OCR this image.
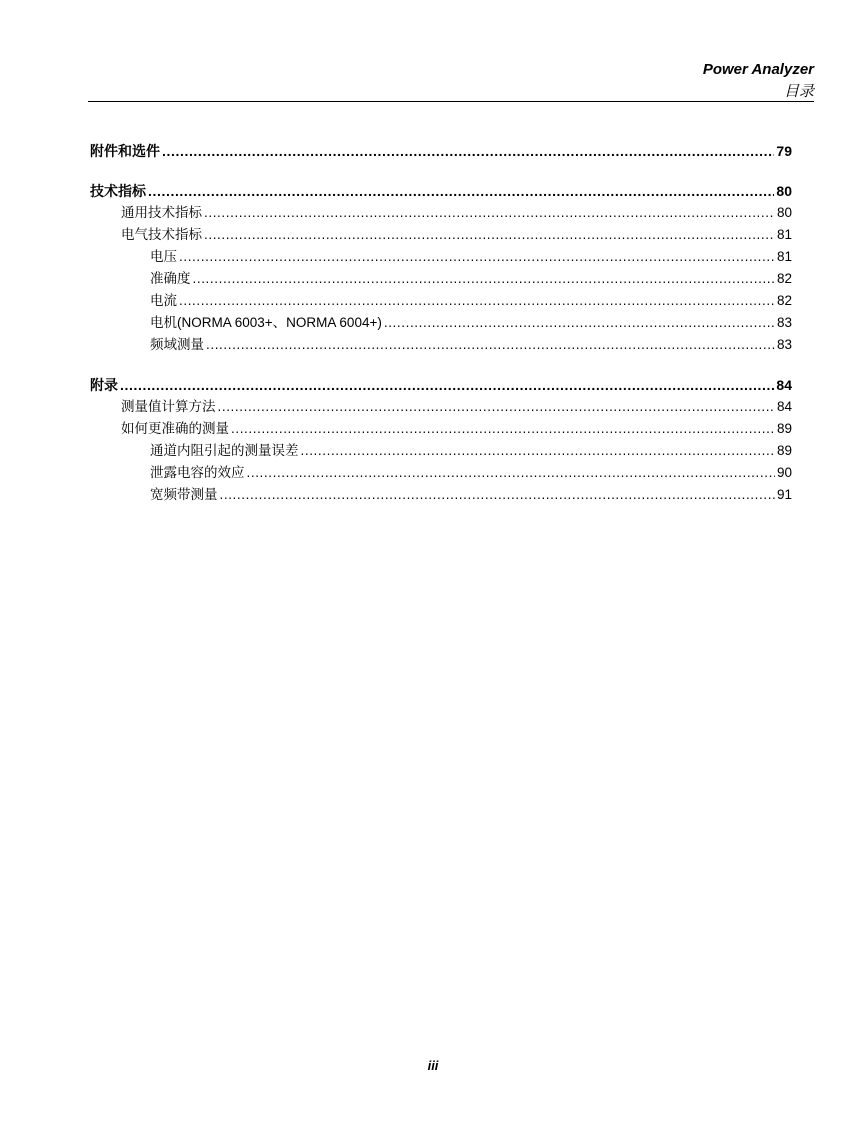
Power Analyzer
目录
附件和选件 .....	79
技术指标 .....	80
通用技术指标 .....	80
电气技术指标 .....	81
电压 .....	81
准确度 .....	82
电流 .....	82
电机(NORMA 6003+、NORMA 6004+) .....	83
频域测量 .....	83
附录 .....	84
测量值计算方法 .....	84
如何更准确的测量 .....	89
通道内阻引起的测量误差 .....	89
泄露电容的效应 .....	90
宽频带测量 .....	91
iii
